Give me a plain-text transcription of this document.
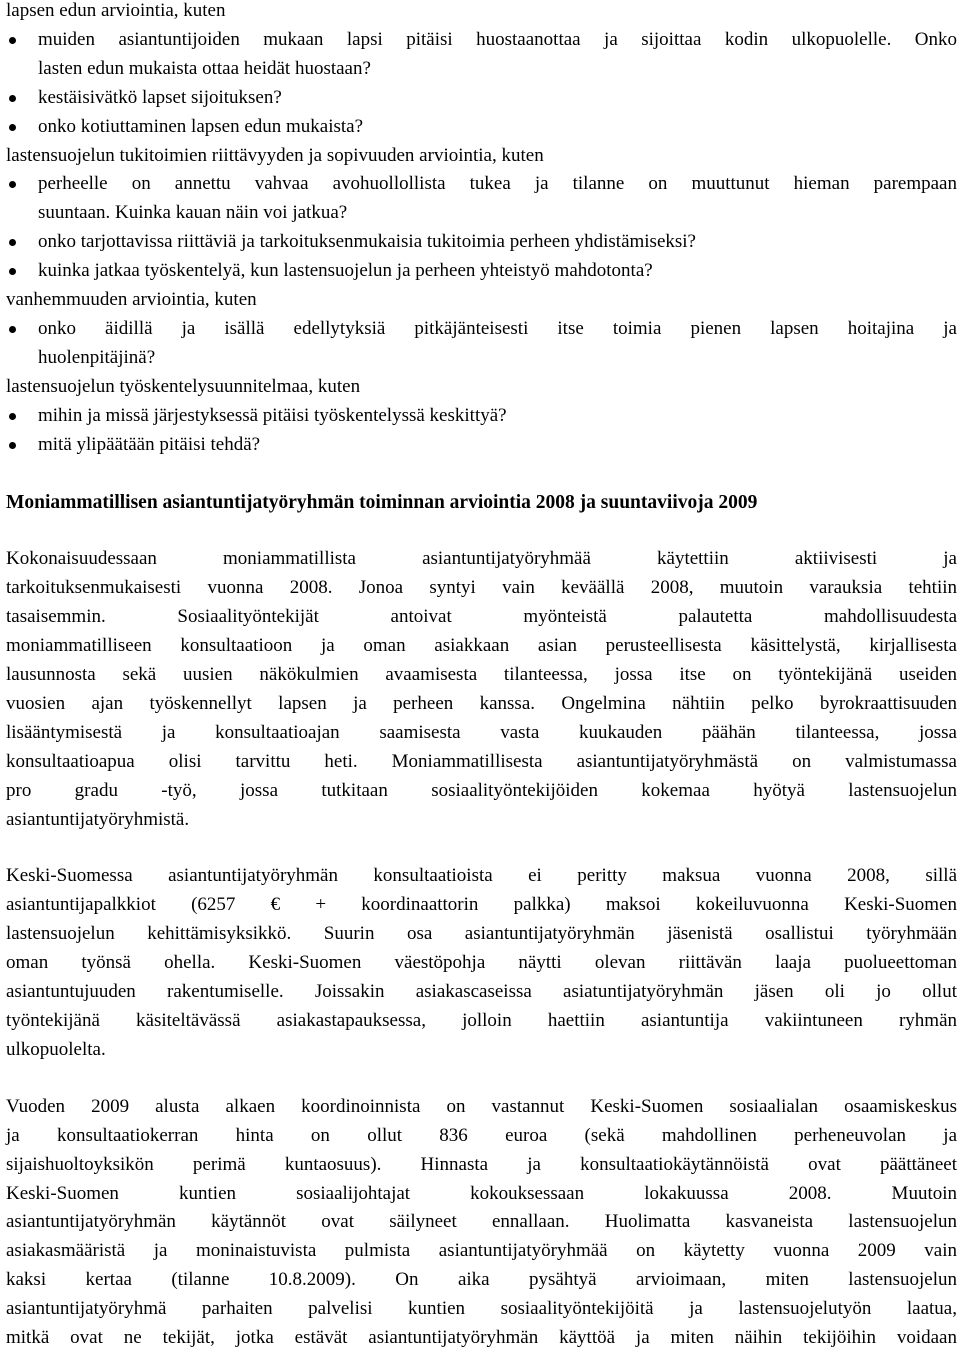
lapsen edun arviointia, kuten

muiden asiantuntijoiden mukaan lapsi pitäisi huostaanottaa ja sijoittaa kodin ulkopuolelle. Onko
lasten edun mukaista ottaa heidät huostaan?
kestäisivätkö lapset sijoituksen?
onko kotiuttaminen lapsen edun mukaista?

lastensuojelun tukitoimien riittävyyden ja sopivuuden arviointia, kuten

perheelle on annettu vahvaa avohuollollista tukea ja tilanne on muuttunut hieman parempaan
suuntaan. Kuinka kauan näin voi jatkua?
onko tarjottavissa riittäviä ja tarkoituksenmukaisia tukitoimia perheen yhdistämiseksi?
kuinka jatkaa työskentelyä, kun lastensuojelun ja perheen yhteistyö mahdotonta?

vanhemmuuden arviointia, kuten

onko äidillä ja isällä edellytyksiä pitkäjänteisesti itse toimia pienen lapsen hoitajina ja
huolenpitäjinä?

lastensuojelun työskentelysuunnitelmaa, kuten

mihin ja missä järjestyksessä pitäisi työskentelyssä keskittyä?
mitä ylipäätään pitäisi tehdä?
Moniammatillisen asiantuntijatyöryhmän toiminnan arviointia 2008 ja suuntaviivoja 2009

Kokonaisuudessaan moniammatillista asiantuntijatyöryhmää käytettiin aktiivisesti ja
tarkoituksenmukaisesti vuonna 2008. Jonoa syntyi vain keväällä 2008, muutoin varauksia tehtiin
tasaisemmin. Sosiaalityöntekijät antoivat myönteistä palautetta mahdollisuudesta
moniammatilliseen konsultaatioon ja oman asiakkaan asian perusteellisesta käsittelystä, kirjallisesta
lausunnosta sekä uusien näkökulmien avaamisesta tilanteessa, jossa itse on työntekijänä useiden
vuosien ajan työskennellyt lapsen ja perheen kanssa. Ongelmina nähtiin pelko byrokraattisuuden
lisääntymisestä ja konsultaatioajan saamisesta vasta kuukauden päähän tilanteessa, jossa
konsultaatioapua olisi tarvittu heti. Moniammatillisesta asiantuntijatyöryhmästä on valmistumassa
pro gradu -työ, jossa tutkitaan sosiaalityöntekijöiden kokemaa hyötyä lastensuojelun
asiantuntijatyöryhmistä.

Keski-Suomessa asiantuntijatyöryhmän konsultaatioista ei peritty maksua vuonna 2008, sillä
asiantuntijapalkkiot (6257 € + koordinaattorin palkka) maksoi kokeiluvuonna Keski-Suomen
lastensuojelun kehittämisyksikkö. Suurin osa asiantuntijatyöryhmän jäsenistä osallistui työryhmään
oman työnsä ohella. Keski-Suomen väestöpohja näytti olevan riittävän laaja puolueettoman
asiantuntujuuden rakentumiselle. Joissakin asiakascaseissa asiatuntijatyöryhmän jäsen oli jo ollut
työntekijänä käsiteltävässä asiakastapauksessa, jolloin haettiin asiantuntija vakiintuneen ryhmän
ulkopuolelta.

Vuoden 2009 alusta alkaen koordinoinnista on vastannut Keski-Suomen sosiaalialan osaamiskeskus
ja konsultaatiokerran hinta on ollut 836 euroa (sekä mahdollinen perheneuvolan ja
sijaishuoltoyksikön perimä kuntaosuus). Hinnasta ja konsultaatiokäytännöistä ovat päättäneet
Keski-Suomen kuntien sosiaalijohtajat kokouksessaan lokakuussa 2008. Muutoin
asiantuntijatyöryhmän käytännöt ovat säilyneet ennallaan. Huolimatta kasvaneista lastensuojelun
asiakasmääristä ja moninaistuvista pulmista asiantuntijatyöryhmää on käytetty vuonna 2009 vain
kaksi kertaa (tilanne 10.8.2009). On aika pysähtyä arvioimaan, miten lastensuojelun
asiantuntijatyöryhmä parhaiten palvelisi kuntien sosiaalityöntekijöitä ja lastensuojelutyön laatua,
mitkä ovat ne tekijät, jotka estävät asiantuntijatyöryhmän käyttöä ja miten näihin tekijöihin voidaan
